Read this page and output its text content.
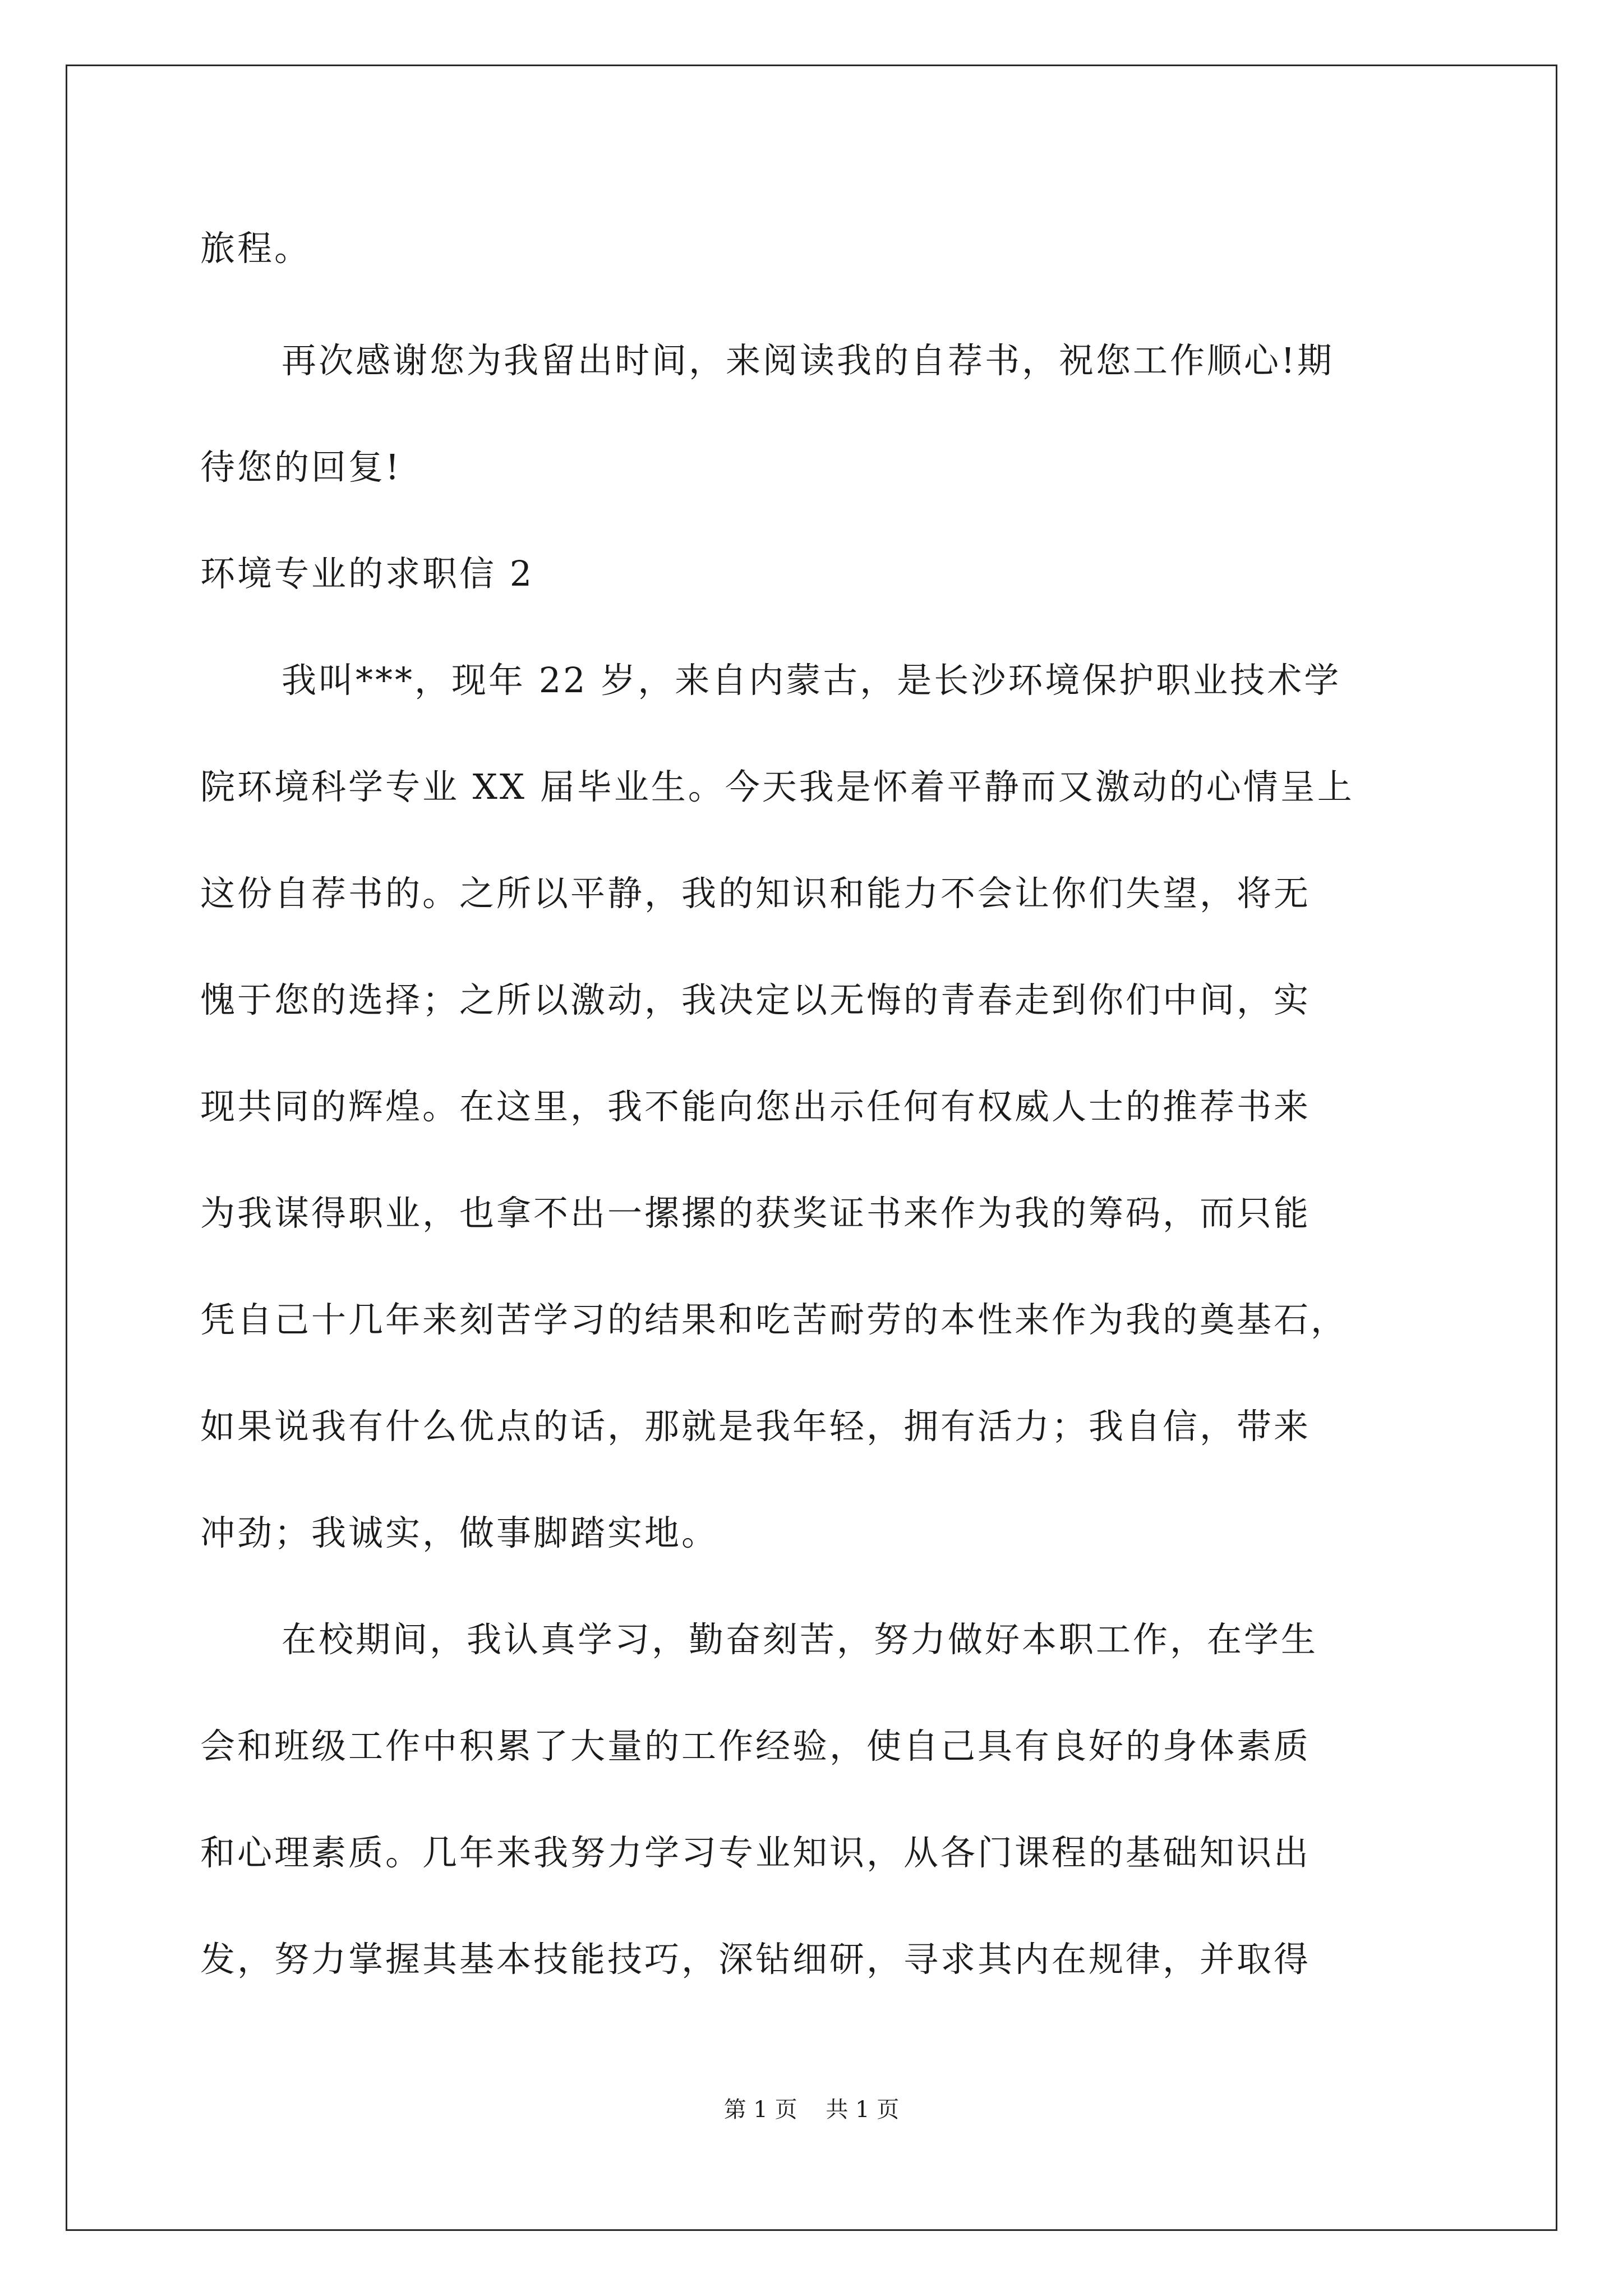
旅程。
再次感谢您为我留出时间，来阅读我的自荐书，祝您工作顺心!期
待您的回复!
环境专业的求职信 2
我叫***，现年 22 岁，来自内蒙古，是长沙环境保护职业技术学
院环境科学专业 XX 届毕业生。今天我是怀着平静而又激动的心情呈上
这份自荐书的。之所以平静，我的知识和能力不会让你们失望，将无
愧于您的选择；之所以激动，我决定以无悔的青春走到你们中间，实
现共同的辉煌。在这里，我不能向您出示任何有权威人士的推荐书来
为我谋得职业，也拿不出一摞摞的获奖证书来作为我的筹码，而只能
凭自己十几年来刻苦学习的结果和吃苦耐劳的本性来作为我的奠基石，
如果说我有什么优点的话，那就是我年轻，拥有活力；我自信，带来
冲劲；我诚实，做事脚踏实地。
在校期间，我认真学习，勤奋刻苦，努力做好本职工作，在学生
会和班级工作中积累了大量的工作经验，使自己具有良好的身体素质
和心理素质。几年来我努力学习专业知识，从各门课程的基础知识出
发，努力掌握其基本技能技巧，深钻细研，寻求其内在规律，并取得
第 1 页    共 1 页
